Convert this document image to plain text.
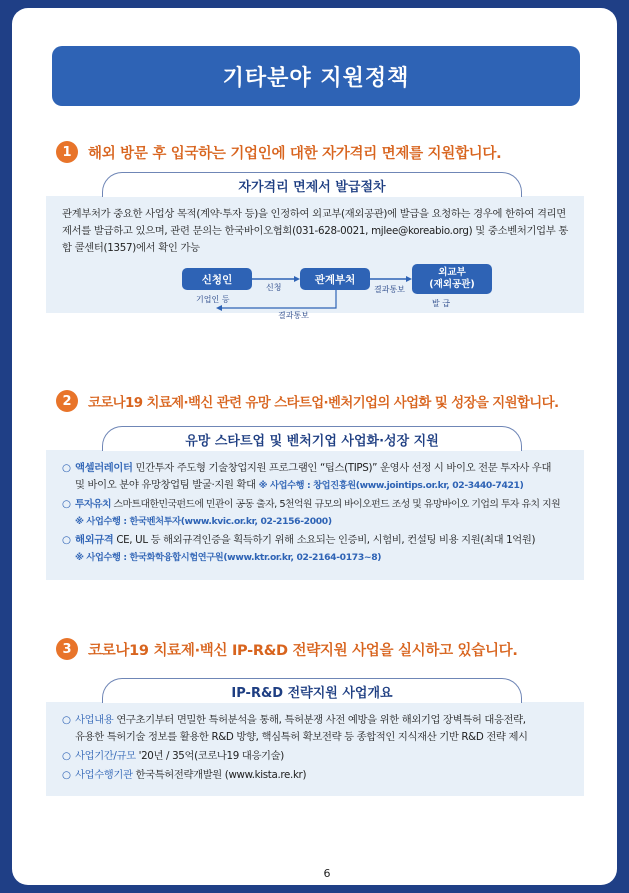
기타분야 지원정책
1	해외 방문 후 입국하는 기업인에 대한 자가격리 면제를 지원합니다.
자가격리 면제서 발급절차
관계부처가 중요한 사업상 목적(계약·투자 등)을 인정하여 외교부(재외공관)에 발급을 요청하는 경우에 한하여 격리면제서를 발급하고 있으며, 관련 문의는 한국바이오협회(031-628-0021, mjlee@koreabio.org) 및 중소벤처기업부 통합 콜센터(1357)에서 확인 가능
신청인
기업인 등
관계부처
외교부
(재외공관)
발 급
신청	결과통보
결과통보
2	코로나19 치료제·백신 관련 유망 스타트업·벤처기업의 사업화 및 성장을 지원합니다.
유망 스타트업 및 벤처기업 사업화·성장 지원
○ 액셀러레이터 민간투자 주도형 기술창업지원 프로그램인 “팁스(TIPS)” 운영사 선정 시 바이오 전문 투자사 우대
및 바이오 분야 유망창업팀 발굴·지원 확대 ※ 사업수행 : 창업진흥원(www.jointips.or.kr, 02-3440-7421)
○ 투자유치 스마트대한민국펀드에 민관이 공동 출자, 5천억원 규모의 바이오펀드 조성 및 유망바이오 기업의 투자 유치 지원
※ 사업수행 : 한국벤처투자(www.kvic.or.kr, 02-2156-2000)
○ 해외규격 CE, UL 등 해외규격인증을 획득하기 위해 소요되는 인증비, 시험비, 컨설팅 비용 지원(최대 1억원)
※ 사업수행 : 한국화학융합시험연구원(www.ktr.or.kr, 02-2164-0173~8)
3	코로나19 치료제·백신 IP-R&D 전략지원 사업을 실시하고 있습니다.
IP-R&D 전략지원 사업개요
○ 사업내용 연구초기부터 면밀한 특허분석을 통해, 특허분쟁 사전 예방을 위한 해외기업 장벽특허 대응전략,
유용한 특허기술 정보를 활용한 R&D 방향, 핵심특허 확보전략 등 종합적인 지식재산 기반 R&D 전략 제시
○ 사업기간/규모 '20년 / 35억(코로나19 대응기술)
○ 사업수행기관 한국특허전략개발원 (www.kista.re.kr)
6
